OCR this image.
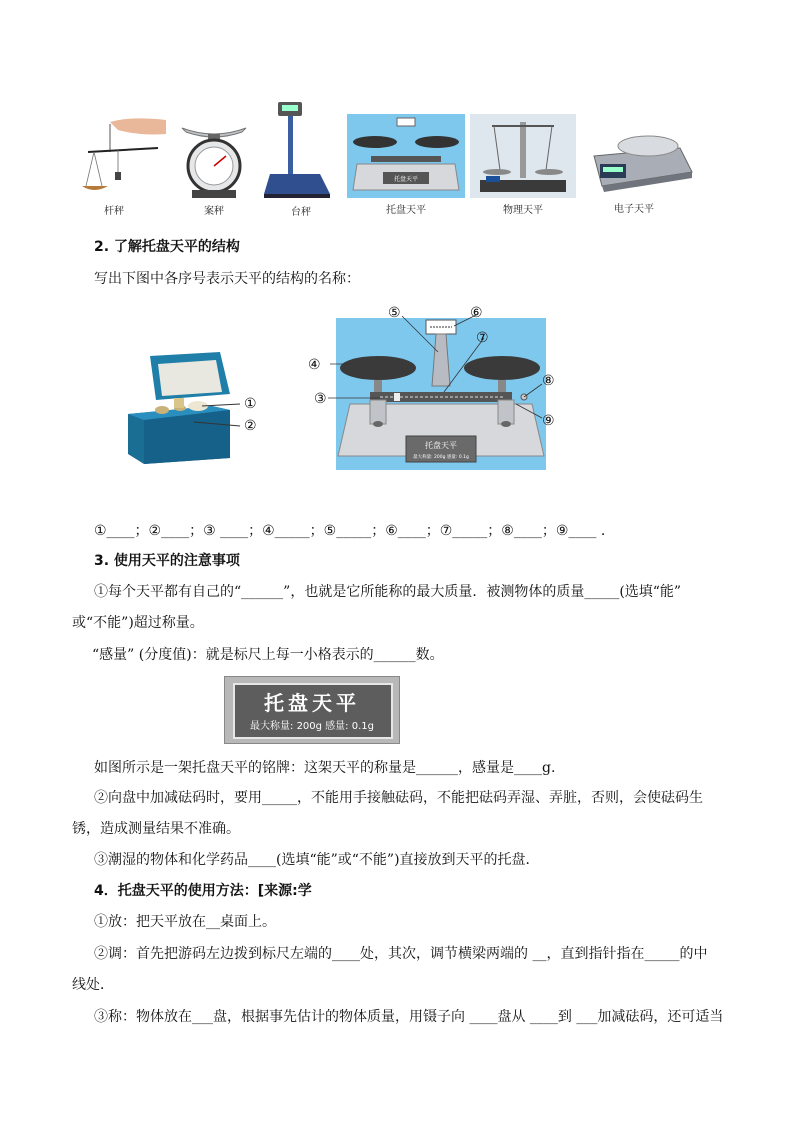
杆秤	案秤	台秤
托盘天平
托盘天平	物理天平	电子天平
2. 了解托盘天平的结构
写出下图中各序号表示天平的结构的名称：
①
②
托盘天平
最大称量: 200g 感量: 0.1g
③
④
⑤	⑥
⑦
⑧
⑨
①____；②____；③ ____；④_____；⑤_____；⑥____；⑦_____；⑧____；⑨____ .
3. 使用天平的注意事项
①每个天平都有自己的“______”，也就是它所能称的最大质量．被测物体的质量_____(选填“能”
或“不能”)超过称量。
“感量” (分度值)：就是标尺上每一小格表示的______数。
托盘天平
最大称量: 200g 感量: 0.1g
如图所示是一架托盘天平的铭牌：这架天平的称量是______，感量是____g.
②向盘中加减砝码时，要用_____，不能用手接触砝码，不能把砝码弄湿、弄脏，否则，会使砝码生
锈，造成测量结果不准确。
③潮湿的物体和化学药品____(选填“能”或“不能”)直接放到天平的托盘．
4．托盘天平的使用方法：[来源:学
①放：把天平放在__桌面上。
②调：首先把游码左边拨到标尺左端的____处，其次，调节横梁两端的 __，直到指针指在_____的中
线处．
③称：物体放在___盘，根据事先估计的物体质量，用镊子向 ____盘从 ____到 ___加减砝码，还可适当
